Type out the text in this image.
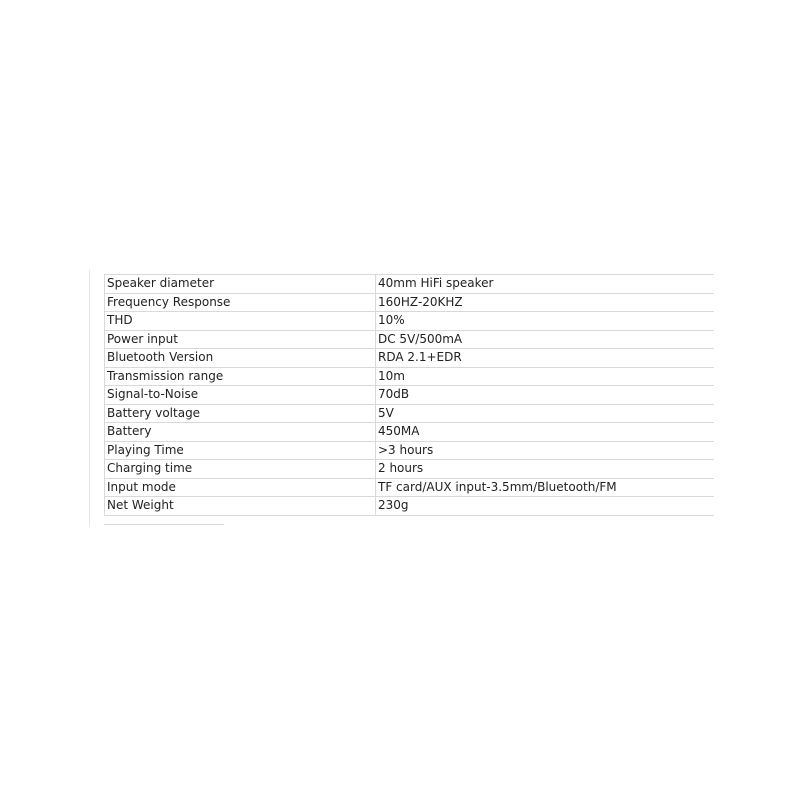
Speaker diameter	40mm HiFi speaker
Frequency Response	160HZ-20KHZ
THD	10%
Power input	DC 5V/500mA
Bluetooth Version	RDA 2.1+EDR
Transmission range	10m
Signal-to-Noise	70dB
Battery voltage	5V
Battery	450MA
Playing Time	>3 hours
Charging time	2 hours
Input mode	TF card/AUX input-3.5mm/Bluetooth/FM
Net Weight	230g
